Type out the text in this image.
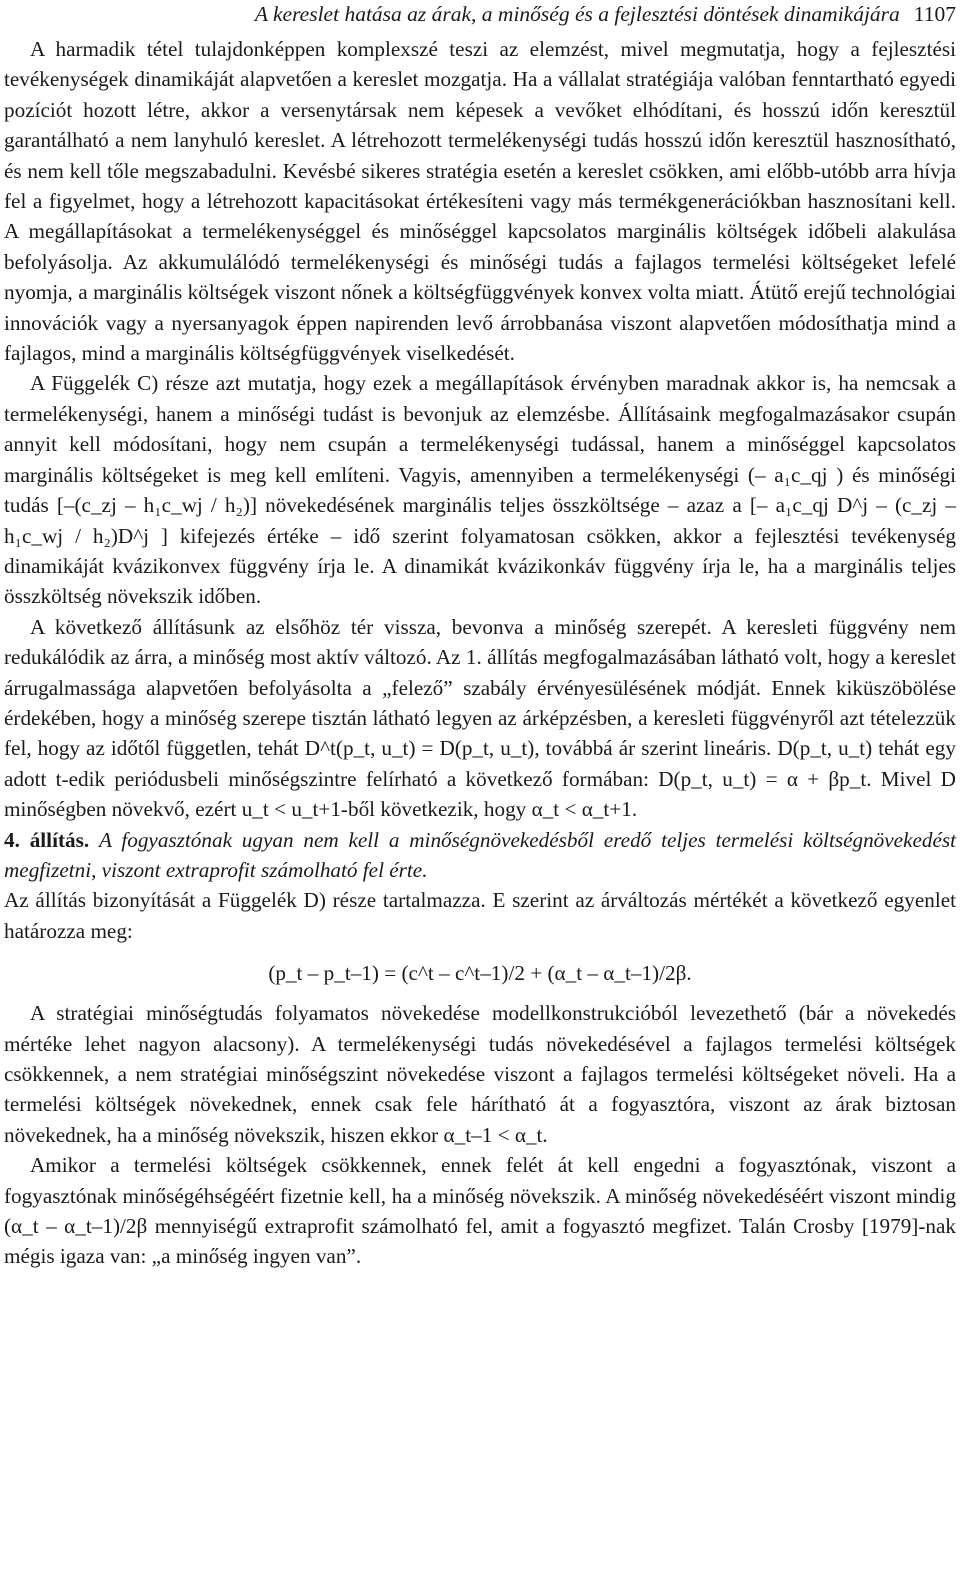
A kereslet hatása az árak, a minőség és a fejlesztési döntések dinamikájára 1107

A harmadik tétel tulajdonképpen komplexszé teszi az elemzést, mivel megmutatja, hogy a fejlesztési tevékenységek dinamikáját alapvetően a kereslet mozgatja. Ha a vállalat stratégiája valóban fenntartható egyedi pozíciót hozott létre, akkor a versenytársak nem képesek a vevőket elhódítani, és hosszú időn keresztül garantálható a nem lanyhuló kereslet. A létrehozott termelékenységi tudás hosszú időn keresztül hasznosítható, és nem kell tőle megszabadulni. Kevésbé sikeres stratégia esetén a kereslet csökken, ami előbb-utóbb arra hívja fel a figyelmet, hogy a létrehozott kapacitásokat értékesíteni vagy más termékgenerációkban hasznosítani kell. A megállapításokat a termelékenységgel és minőséggel kapcsolatos marginális költségek időbeli alakulása befolyásolja. Az akkumulálódó termelékenységi és minőségi tudás a fajlagos termelési költségeket lefelé nyomja, a marginális költségek viszont nőnek a költségfüggvények konvex volta miatt. Átütő erejű technológiai innovációk vagy a nyersanyagok éppen napirenden levő árrobbanása viszont alapvetően módosíthatja mind a fajlagos, mind a marginális költségfüggvények viselkedését.

A Függelék C) része azt mutatja, hogy ezek a megállapítások érvényben maradnak akkor is, ha nemcsak a termelékenységi, hanem a minőségi tudást is bevonjuk az elemzésbe. Állításaink megfogalmazásakor csupán annyit kell módosítani, hogy nem csupán a termelékenységi tudással, hanem a minőséggel kapcsolatos marginális költségeket is meg kell említeni. Vagyis, amennyiben a termelékenységi (– a₁c_qj ) és minőségi tudás [–(c_zj – h₁c_wj / h₂)] növekedésének marginális teljes összköltsége – azaz a [– a₁c_qj D^j – (c_zj – h₁c_wj / h₂)D^j ] kifejezés értéke – idő szerint folyamatosan csökken, akkor a fejlesztési tevékenység dinamikáját kvázikonvex függvény írja le. A dinamikát kvázikonkáv függvény írja le, ha a marginális teljes összköltség növekszik időben.

A következő állításunk az elsőhöz tér vissza, bevonva a minőség szerepét. A keresleti függvény nem redukálódik az árra, a minőség most aktív változó. Az 1. állítás megfogalmazásában látható volt, hogy a kereslet árrugalmassága alapvetően befolyásolta a „felező” szabály érvényesülésének módját. Ennek kiküszöbölése érdekében, hogy a minőség szerepe tisztán látható legyen az árképzésben, a keresleti függvényről azt tételezzük fel, hogy az időtől független, tehát D^t(p_t, u_t) = D(p_t, u_t), továbbá ár szerint lineáris. D(p_t, u_t) tehát egy adott t-edik periódusbeli minőségszintre felírható a következő formában: D(p_t, u_t) = α + βp_t. Mivel D minőségben növekvő, ezért u_t < u_t+1-ből következik, hogy α_t < α_t+1.

4. állítás. A fogyasztónak ugyan nem kell a minőségnövekedésből eredő teljes termelési költségnövekedést megfizetni, viszont extraprofit számolható fel érte.

Az állítás bizonyítását a Függelék D) része tartalmazza. E szerint az árváltozás mértékét a következő egyenlet határozza meg:

(p_t – p_t–1) = (c^t – c^t–1)/2 + (α_t – α_t–1)/2β.

A stratégiai minőségtudás folyamatos növekedése modellkonstrukcióból levezethető (bár a növekedés mértéke lehet nagyon alacsony). A termelékenységi tudás növekedésével a fajlagos termelési költségek csökkennek, a nem stratégiai minőségszint növekedése viszont a fajlagos termelési költségeket növeli. Ha a termelési költségek növekednek, ennek csak fele hárítható át a fogyasztóra, viszont az árak biztosan növekednek, ha a minőség növekszik, hiszen ekkor α_t–1 < α_t.

Amikor a termelési költségek csökkennek, ennek felét át kell engedni a fogyasztónak, viszont a fogyasztónak minőségéhségéért fizetnie kell, ha a minőség növekszik. A minőség növekedéséért viszont mindig (α_t – α_t–1)/2β mennyiségű extraprofit számolható fel, amit a fogyasztó megfizet. Talán Crosby [1979]-nak mégis igaza van: „a minőség ingyen van”.
